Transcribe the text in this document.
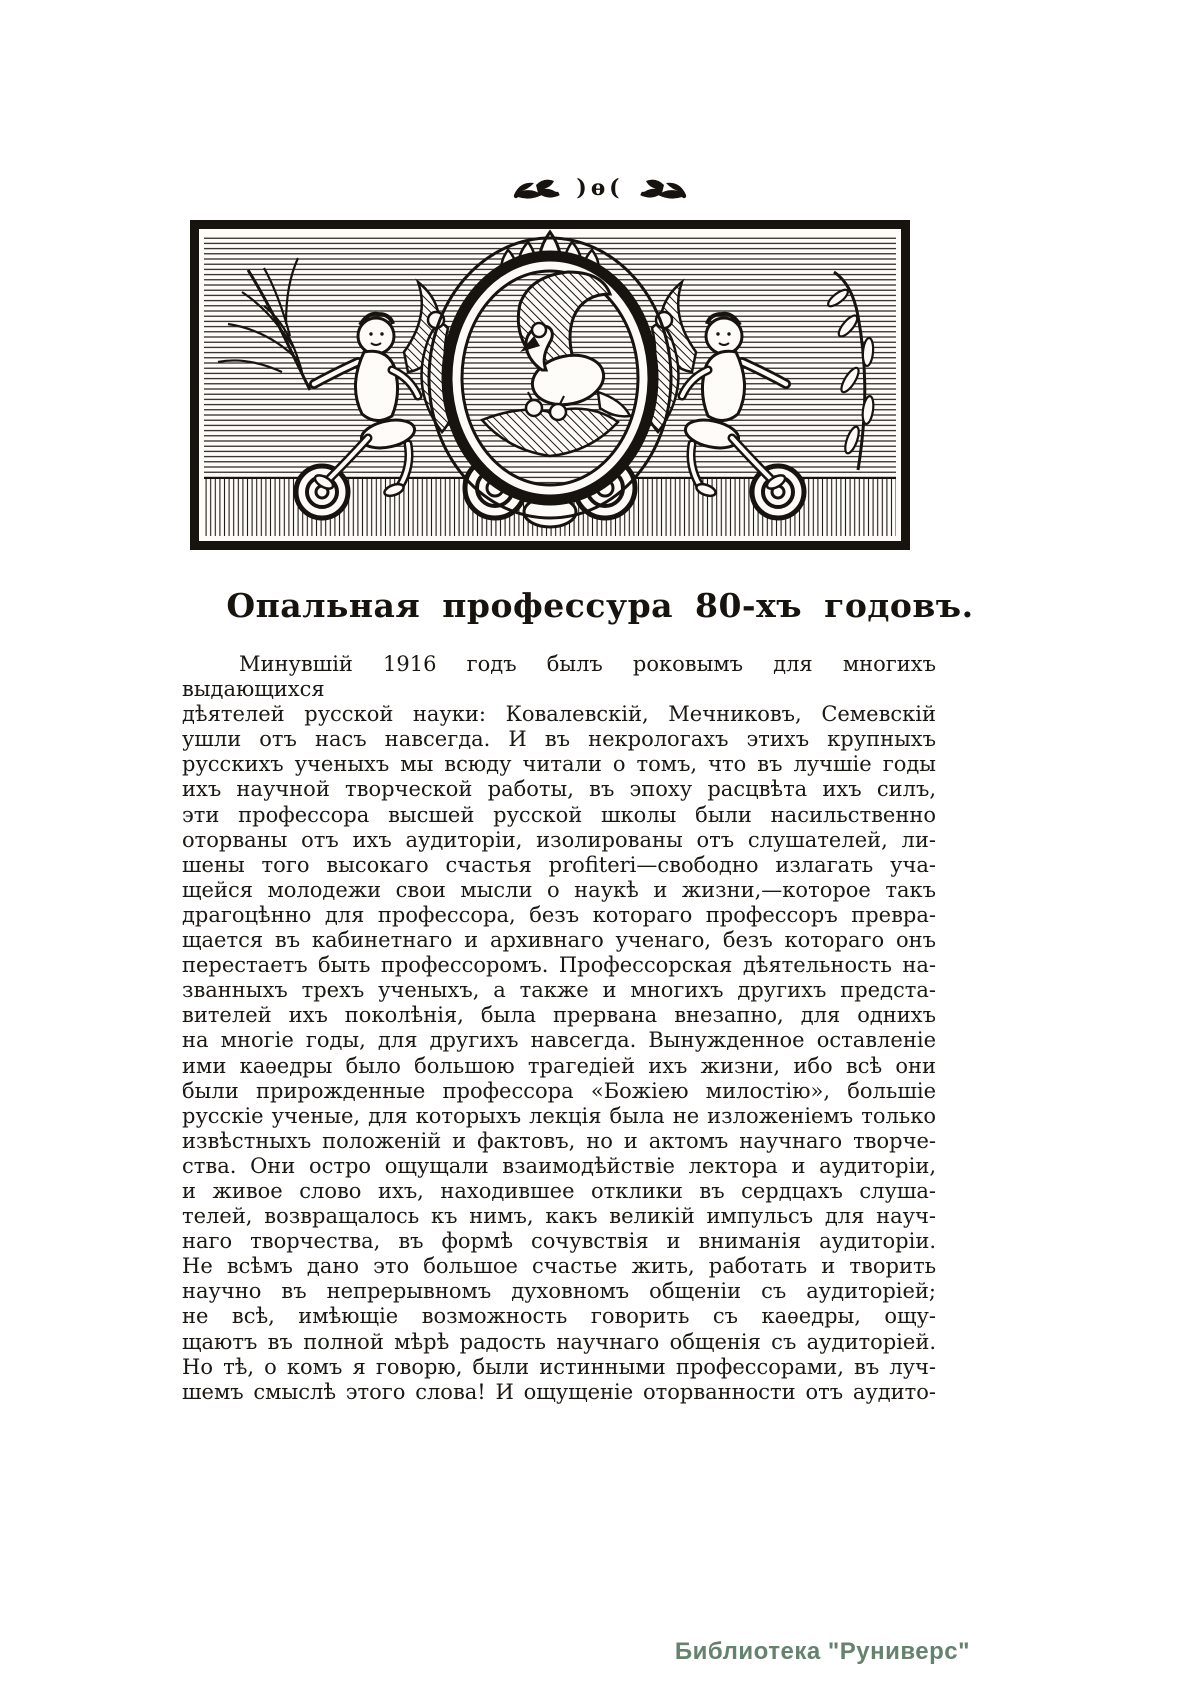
)ѳ(
Опальная профессура 80-хъ годовъ.
Минувшій 1916 годъ былъ роковымъ для многихъ выдающихся
дѣятелей русской науки: Ковалевскій, Мечниковъ, Семевскій
ушли отъ насъ навсегда. И въ некрологахъ этихъ крупныхъ
русскихъ ученыхъ мы всюду читали о томъ, что въ лучшіе годы
ихъ научной творческой работы, въ эпоху расцвѣта ихъ силъ,
эти профессора высшей русской школы были насильственно
оторваны отъ ихъ аудиторіи, изолированы отъ слушателей, ли-
шены того высокаго счастья profiteri—свободно излагать уча-
щейся молодежи свои мысли о наукѣ и жизни,—которое такъ
драгоцѣнно для профессора, безъ котораго профессоръ превра-
щается въ кабинетнаго и архивнаго ученаго, безъ котораго онъ
перестаетъ быть профессоромъ. Профессорская дѣятельность на-
званныхъ трехъ ученыхъ, а также и многихъ другихъ предста-
вителей ихъ поколѣнія, была прервана внезапно, для однихъ
на многіе годы, для другихъ навсегда. Вынужденное оставленіе
ими каѳедры было большою трагедіей ихъ жизни, ибо всѣ они
были прирожденные профессора «Божіею милостію», большіе
русскіе ученые, для которыхъ лекція была не изложеніемъ только
извѣстныхъ положеній и фактовъ, но и актомъ научнаго творче-
ства. Они остро ощущали взаимодѣйствіе лектора и аудиторіи,
и живое слово ихъ, находившее отклики въ сердцахъ слуша-
телей, возвращалось къ нимъ, какъ великій импульсъ для науч-
наго творчества, въ формѣ сочувствія и вниманія аудиторіи.
Не всѣмъ дано это большое счастье жить, работать и творить
научно въ непрерывномъ духовномъ общеніи съ аудиторіей;
не всѣ, имѣющіе возможность говорить съ каѳедры, ощу-
щаютъ въ полной мѣрѣ радость научнаго общенія съ аудиторіей.
Но тѣ, о комъ я говорю, были истинными профессорами, въ луч-
шемъ смыслѣ этого слова! И ощущеніе оторванности отъ аудито-
Библиотека "Руниверс"
